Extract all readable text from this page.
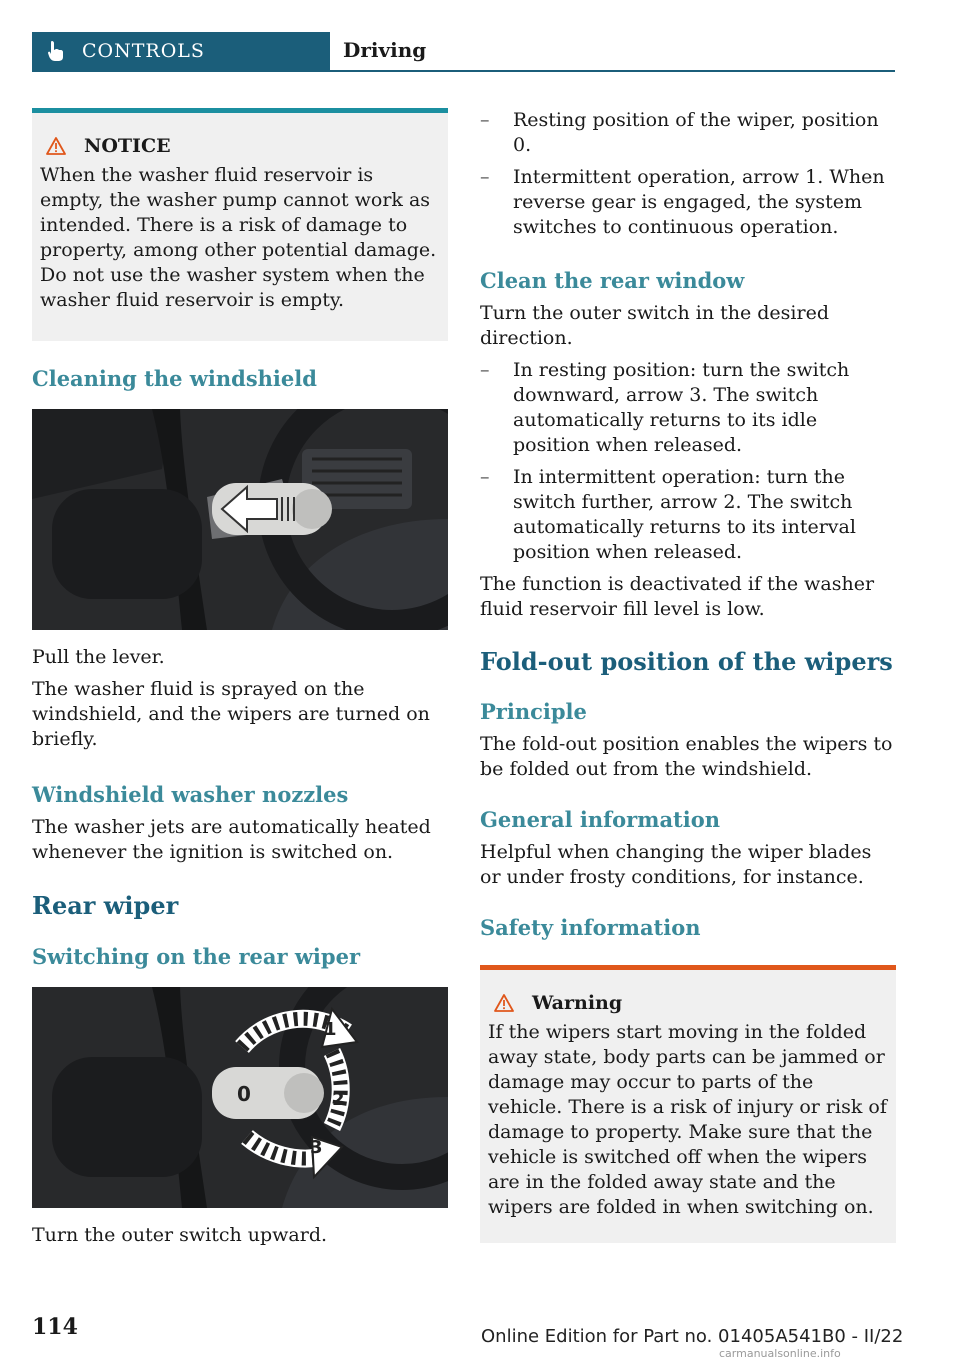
CONTROLS	Driving
NOTICE
When the washer fluid reservoir is empty, the washer pump cannot work as intended. There is a risk of damage to property, among other potential damage. Do not use the washer system when the washer fluid reservoir is empty.
Cleaning the windshield
Pull the lever.
The washer fluid is sprayed on the windshield, and the wipers are turned on briefly.
Windshield washer nozzles
The washer jets are automatically heated whenever the ignition is switched on.
Rear wiper
Switching on the rear wiper
0
1
2
3
Turn the outer switch upward.
– Resting position of the wiper, position 0.
– Intermittent operation, arrow 1. When reverse gear is engaged, the system switches to continuous operation.
Clean the rear window
Turn the outer switch in the desired direction.
– In resting position: turn the switch downward, arrow 3. The switch automatically returns to its idle position when released.
– In intermittent operation: turn the switch further, arrow 2. The switch automatically returns to its interval position when released.
The function is deactivated if the washer fluid reservoir fill level is low.
Fold-out position of the wipers
Principle
The fold-out position enables the wipers to be folded out from the windshield.
General information
Helpful when changing the wiper blades or under frosty conditions, for instance.
Safety information
Warning
If the wipers start moving in the folded away state, body parts can be jammed or damage may occur to parts of the vehicle. There is a risk of injury or risk of damage to property. Make sure that the vehicle is switched off when the wipers are in the folded away state and the wipers are folded in when switching on.
114	Online Edition for Part no. 01405A541B0 - II/22
carmanualsonline.info
